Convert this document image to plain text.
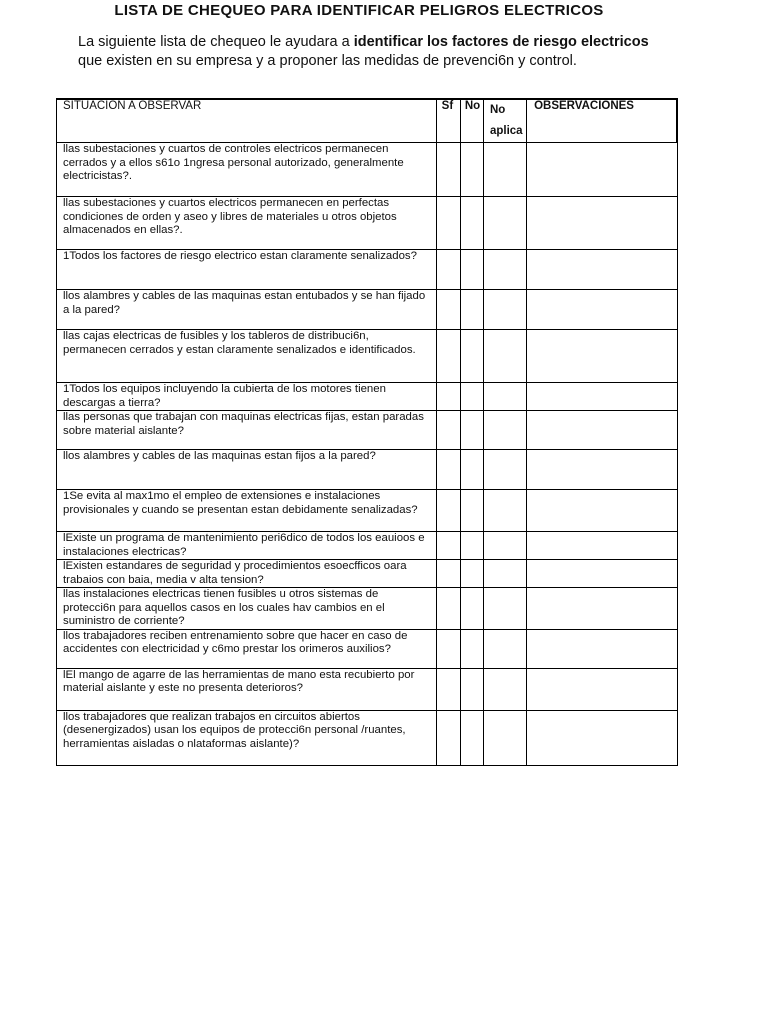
LISTA DE CHEQUEO PARA IDENTIFICAR PELIGROS ELECTRICOS
La siguiente lista de chequeo le ayudara a identificar los factores de riesgo electricos que existen en su empresa y a proponer las medidas de prevenci6n y control.
SITUACION A OBSERVAR	Sf	No	No aplica	OBSERVACIONES
llas subestaciones y cuartos de controles electricos permanecen cerrados y a ellos s61o 1ngresa personal autorizado, generalmente electricistas?.				
llas subestaciones y cuartos electricos permanecen en perfectas condiciones de orden y aseo y libres de materiales u otros objetos almacenados en ellas?.				
1Todos los factores de riesgo electrico estan claramente senalizados?				
llos alambres y cables de las maquinas estan entubados y se han fijado a la pared?				
llas cajas electricas de fusibles y los tableros de distribuci6n, permanecen cerrados y estan claramente senalizados e identificados.				
1Todos los equipos incluyendo la cubierta de los motores tienen descargas a tierra?				
llas personas que trabajan con maquinas electricas fijas, estan paradas sobre material aislante?				
llos alambres y cables de las maquinas estan fijos a la pared?				
1Se evita al max1mo el empleo de extensiones e instalaciones provisionales y cuando se presentan estan debidamente senalizadas?				
lExiste un programa de mantenimiento peri6dico de todos los eauioos e instalaciones electricas?				
lExisten estandares de seguridad y procedimientos esoecfficos oara trabaios con baia, media v alta tension?				
llas instalaciones electricas tienen fusibles u otros sistemas de protecci6n para aquellos casos en los cuales hav cambios en el suministro de corriente?				
llos trabajadores reciben entrenamiento sobre que hacer en caso de accidentes con electricidad y c6mo prestar los orimeros auxilios?				
lEl mango de agarre de las herramientas de mano esta recubierto por material aislante y este no presenta deterioros?				
llos trabajadores que realizan trabajos en circuitos abiertos (desenergizados) usan los equipos de protecci6n personal /ruantes, herramientas aisladas o nlataformas aislante)?				
